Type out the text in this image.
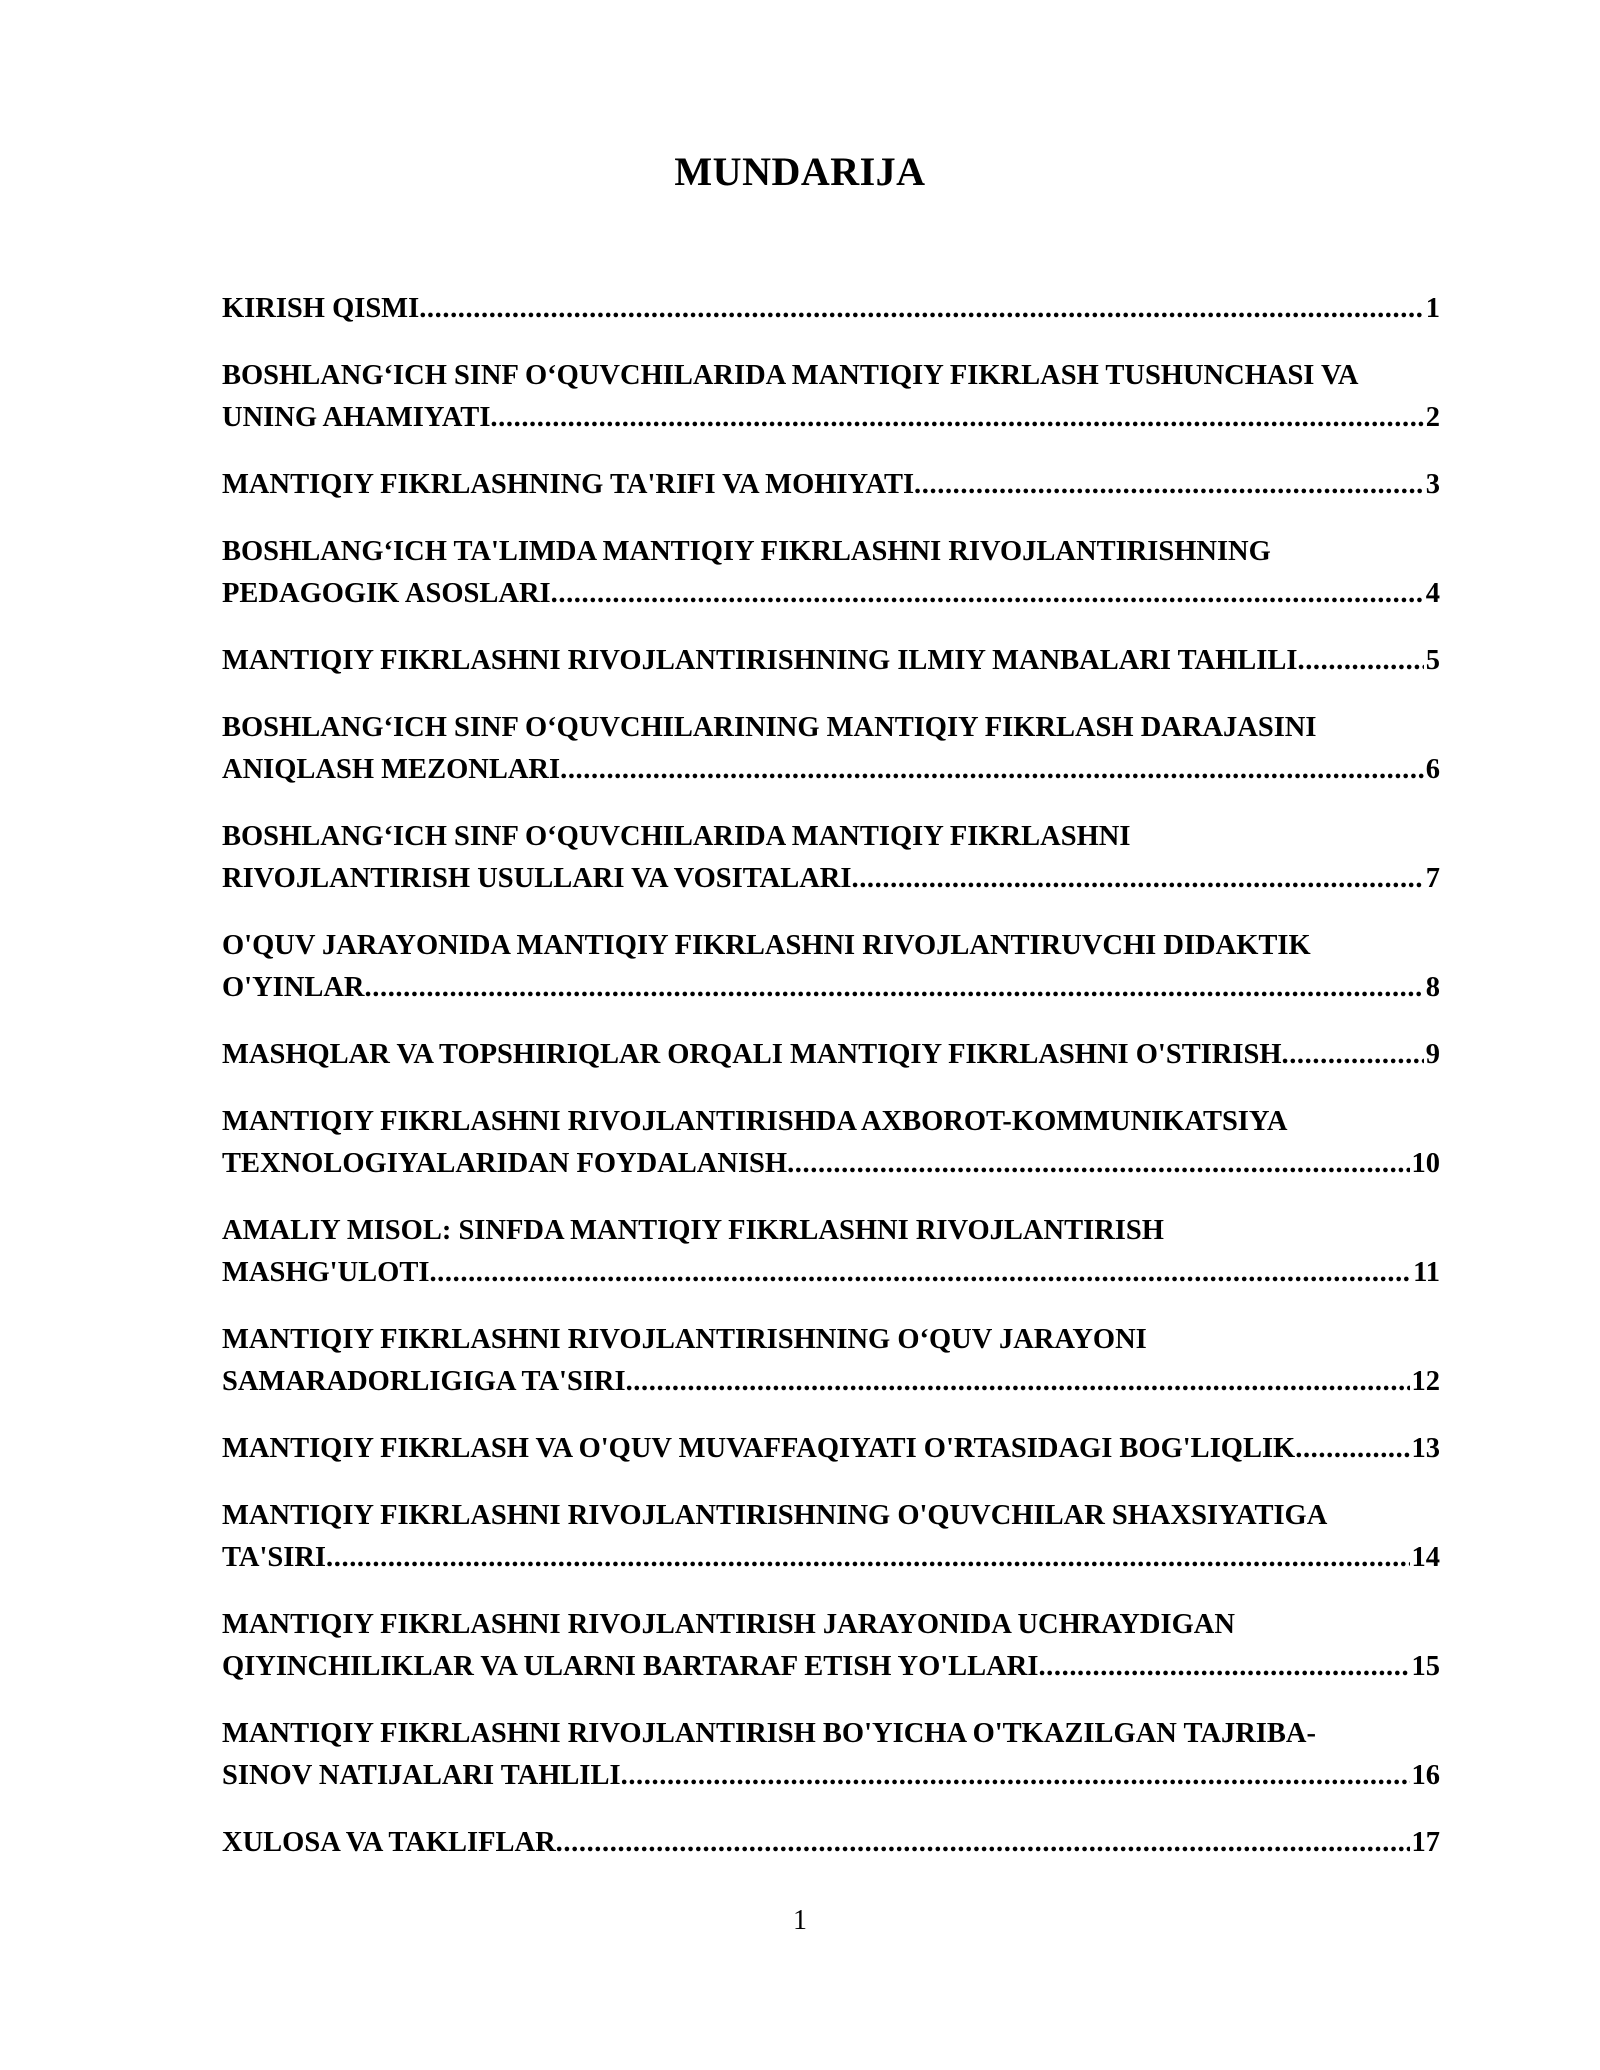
MUNDARIJA
KIRISH QISMI .....	1
BOSHLANG‘ICH SINF O‘QUVCHILARIDA MANTIQIY FIKRLASH TUSHUNCHASI VA
UNING AHAMIYATI .....	2
MANTIQIY FIKRLASHNING TA'RIFI VA MOHIYATI .....	3
BOSHLANG‘ICH TA'LIMDA MANTIQIY FIKRLASHNI RIVOJLANTIRISHNING
PEDAGOGIK ASOSLARI .....	4
MANTIQIY FIKRLASHNI RIVOJLANTIRISHNING ILMIY MANBALARI TAHLILI .....	5
BOSHLANG‘ICH SINF O‘QUVCHILARINING MANTIQIY FIKRLASH DARAJASINI
ANIQLASH MEZONLARI .....	6
BOSHLANG‘ICH SINF O‘QUVCHILARIDA MANTIQIY FIKRLASHNI
RIVOJLANTIRISH USULLARI VA VOSITALARI .....	7
O'QUV JARAYONIDA MANTIQIY FIKRLASHNI RIVOJLANTIRUVCHI DIDAKTIK
O'YINLAR .....	8
MASHQLAR VA TOPSHIRIQLAR ORQALI MANTIQIY FIKRLASHNI O'STIRISH .....	9
MANTIQIY FIKRLASHNI RIVOJLANTIRISHDA AXBOROT-KOMMUNIKATSIYA
TEXNOLOGIYALARIDAN FOYDALANISH .....	10
AMALIY MISOL: SINFDA MANTIQIY FIKRLASHNI RIVOJLANTIRISH
MASHG'ULOTI .....	11
MANTIQIY FIKRLASHNI RIVOJLANTIRISHNING O‘QUV JARAYONI
SAMARADORLIGIGA TA'SIRI .....	12
MANTIQIY FIKRLASH VA O'QUV MUVAFFAQIYATI O'RTASIDAGI BOG'LIQLIK .....	13
MANTIQIY FIKRLASHNI RIVOJLANTIRISHNING O'QUVCHILAR SHAXSIYATIGA
TA'SIRI .....	14
MANTIQIY FIKRLASHNI RIVOJLANTIRISH JARAYONIDA UCHRAYDIGAN
QIYINCHILIKLAR VA ULARNI BARTARAF ETISH YO'LLARI .....	15
MANTIQIY FIKRLASHNI RIVOJLANTIRISH BO'YICHA O'TKAZILGAN TAJRIBA-
SINOV NATIJALARI TAHLILI .....	16
XULOSA VA TAKLIFLAR .....	17
1
